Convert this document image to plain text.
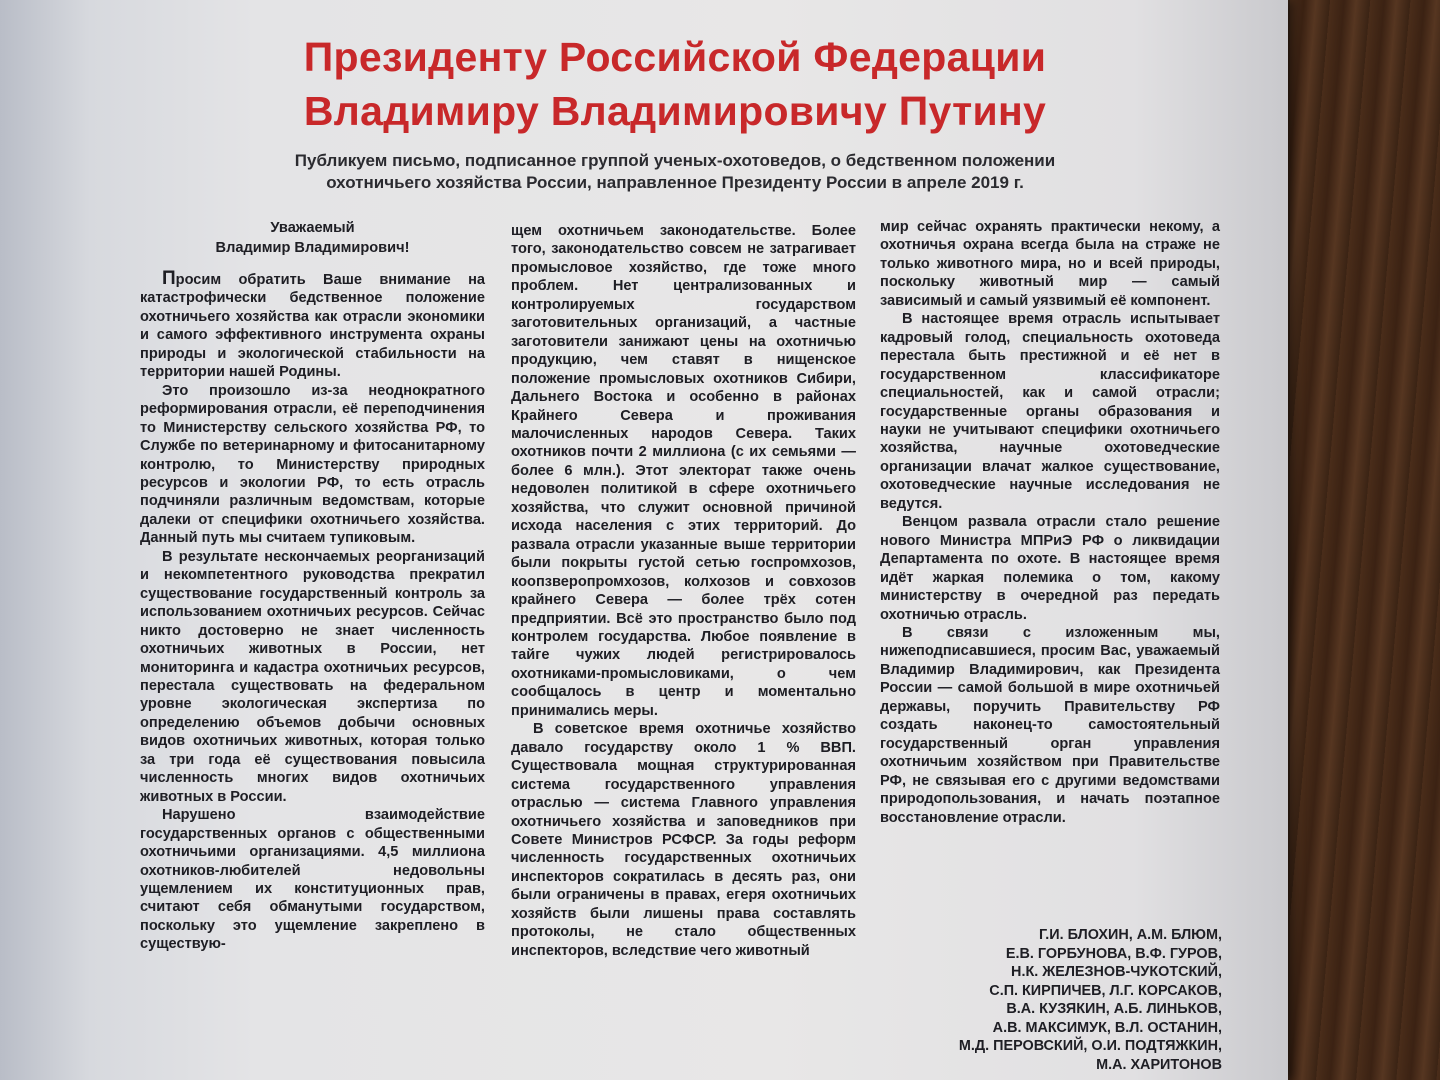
Президенту Российской Федерации
Владимиру Владимировичу Путину
Публикуем письмо, подписанное группой ученых-охотоведов, о бедственном положении
охотничьего хозяйства России, направленное Президенту России в апреле 2019 г.
Уважаемый
Владимир Владимирович!

Просим обратить Ваше внимание на катастрофически бедственное положение охотничьего хозяйства как отрасли экономики и самого эффективного инструмента охраны природы и экологической стабильности на территории нашей Родины.

Это произошло из-за неоднократного реформирования отрасли, её переподчинения то Министерству сельского хозяйства РФ, то Службе по ветеринарному и фитосанитарному контролю, то Министерству природных ресурсов и экологии РФ, то есть отрасль подчиняли различным ведомствам, которые далеки от специфики охотничьего хозяйства. Данный путь мы считаем тупиковым.

В результате нескончаемых реорганизаций и некомпетентного руководства прекратил существование государственный контроль за использованием охотничьих ресурсов. Сейчас никто достоверно не знает численность охотничьих животных в России, нет мониторинга и кадастра охотничьих ресурсов, перестала существовать на федеральном уровне экологическая экспертиза по определению объемов добычи основных видов охотничьих животных, которая только за три года её существования повысила численность многих видов охотничьих животных в России.

Нарушено взаимодействие государственных органов с общественными охотничьими организациями. 4,5 миллиона охотников-любителей недовольны ущемлением их конституционных прав, считают себя обманутыми государством, поскольку это ущемление закреплено в существую-

щем охотничьем законодательстве. Более того, законодательство совсем не затрагивает промысловое хозяйство, где тоже много проблем. Нет централизованных и контролируемых государством заготовительных организаций, а частные заготовители занижают цены на охотничью продукцию, чем ставят в нищенское положение промысловых охотников Сибири, Дальнего Востока и особенно в районах Крайнего Севера и проживания малочисленных народов Севера. Таких охотников почти 2 миллиона (с их семьями — более 6 млн.). Этот электорат также очень недоволен политикой в сфере охотничьего хозяйства, что служит основной причиной исхода населения с этих территорий. До развала отрасли указанные выше территории были покрыты густой сетью госпромхозов, коопзверопромхозов, колхозов и совхозов крайнего Севера — более трёх сотен предприятии. Всё это пространство было под контролем государства. Любое появление в тайге чужих людей регистрировалось охотниками-промысловиками, о чем сообщалось в центр и моментально принимались меры.

В советское время охотничье хозяйство давало государству около 1 % ВВП. Существовала мощная структурированная система государственного управления отраслью — система Главного управления охотничьего хозяйства и заповедников при Совете Министров РСФСР. За годы реформ численность государственных охотничьих инспекторов сократилась в десять раз, они были ограничены в правах, егеря охотничьих хозяйств были лишены права составлять протоколы, не стало общественных инспекторов, вследствие чего животный

мир сейчас охранять практически некому, а охотничья охрана всегда была на страже не только животного мира, но и всей природы, поскольку животный мир — самый зависимый и самый уязвимый её компонент.

В настоящее время отрасль испытывает кадровый голод, специальность охотоведа перестала быть престижной и её нет в государственном классификаторе специальностей, как и самой отрасли; государственные органы образования и науки не учитывают специфики охотничьего хозяйства, научные охотоведческие организации влачат жалкое существование, охотоведческие научные исследования не ведутся.

Венцом развала отрасли стало решение нового Министра МПРиЭ РФ о ликвидации Департамента по охоте. В настоящее время идёт жаркая полемика о том, какому министерству в очередной раз передать охотничью отрасль.

В связи с изложенным мы, нижеподписавшиеся, просим Вас, уважаемый Владимир Владимирович, как Президента России — самой большой в мире охотничьей державы, поручить Правительству РФ создать наконец-то самостоятельный государственный орган управления охотничьим хозяйством при Правительстве РФ, не связывая его с другими ведомствами природопользования, и начать поэтапное восстановление отрасли.

Г.И. БЛОХИН, А.М. БЛЮМ,
Е.В. ГОРБУНОВА, В.Ф. ГУРОВ,
Н.К. ЖЕЛЕЗНОВ-ЧУКОТСКИЙ,
С.П. КИРПИЧЕВ, Л.Г. КОРСАКОВ,
В.А. КУЗЯКИН, А.Б. ЛИНЬКОВ,
А.В. МАКСИМУК, В.Л. ОСТАНИН,
М.Д. ПЕРОВСКИЙ, О.И. ПОДТЯЖКИН,
М.А. ХАРИТОНОВ
